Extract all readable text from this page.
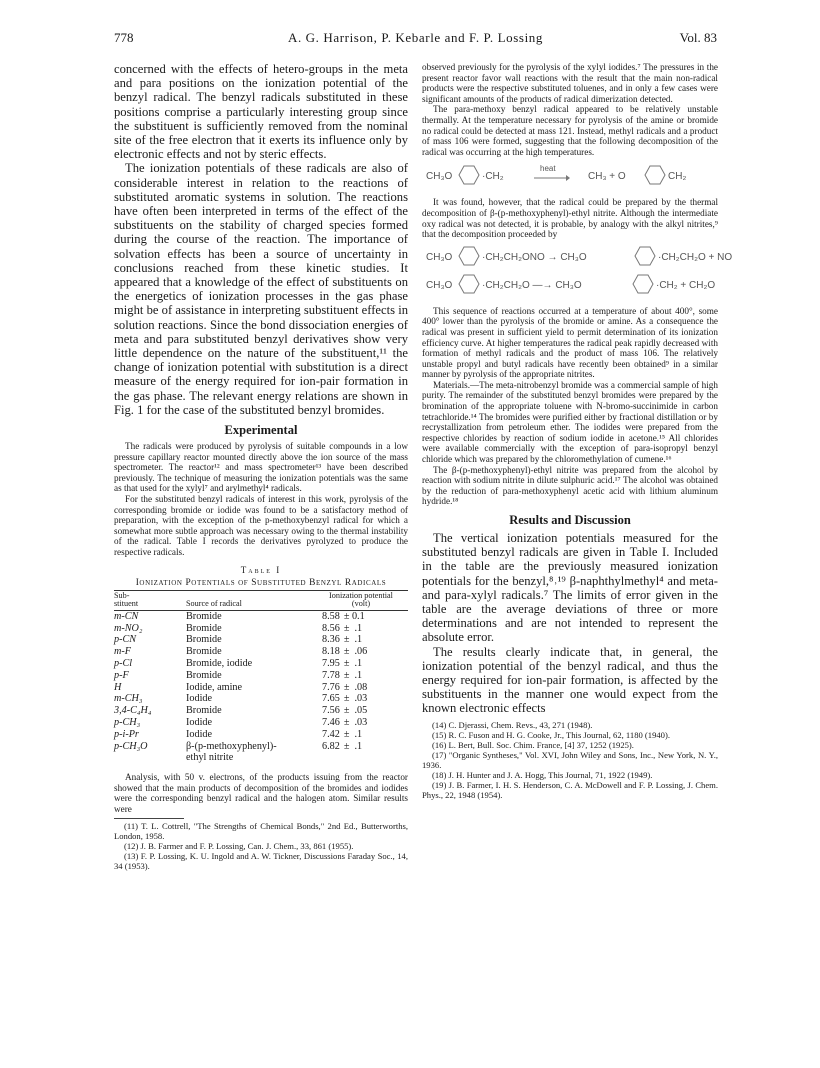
778	A. G. Harrison, P. Kebarle and F. P. Lossing	Vol. 83

concerned with the effects of hetero-groups in the meta and para positions on the ionization potential of the benzyl radical. The benzyl radicals substituted in these positions comprise a particularly interesting group since the substituent is sufficiently removed from the nominal site of the free electron that it exerts its influence only by electronic effects and not by steric effects.

The ionization potentials of these radicals are also of considerable interest in relation to the reactions of substituted aromatic systems in solution. The reactions have often been interpreted in terms of the effect of the substituents on the stability of charged species formed during the course of the reaction. The importance of solvation effects has been a source of uncertainty in conclusions reached from these kinetic studies. It appeared that a knowledge of the effect of substituents on the energetics of ionization processes in the gas phase might be of assistance in interpreting substituent effects in solution reactions. Since the bond dissociation energies of meta and para substituted benzyl derivatives show very little dependence on the nature of the substituent,¹¹ the change of ionization potential with substitution is a direct measure of the energy required for ion-pair formation in the gas phase. The relevant energy relations are shown in Fig. 1 for the case of the substituted benzyl bromides.

Experimental

The radicals were produced by pyrolysis of suitable compounds in a low pressure capillary reactor mounted directly above the ion source of the mass spectrometer. The reactor¹² and mass spectrometer¹³ have been described previously. The technique of measuring the ionization potentials was the same as that used for the xylyl⁷ and arylmethyl⁴ radicals.

For the substituted benzyl radicals of interest in this work, pyrolysis of the corresponding bromide or iodide was found to be a satisfactory method of preparation, with the exception of the p-methoxybenzyl radical for which a somewhat more subtle approach was necessary owing to the thermal instability of the radical. Table I records the derivatives pyrolyzed to produce the respective radicals.

Table I
Ionization Potentials of Substituted Benzyl Radicals
Sub-
stituent	Source of radical	Ionization potential
(volt)
m-CN	Bromide	8.58 ± 0.1
m-NO₂	Bromide	8.56 ±  .1
p-CN	Bromide	8.36 ±  .1
m-F	Bromide	8.18 ±  .06
p-Cl	Bromide, iodide	7.95 ±  .1
p-F	Bromide	7.78 ±  .1
H	Iodide, amine	7.76 ±  .08
m-CH₃	Iodide	7.65 ±  .03
3,4-C₄H₄	Bromide	7.56 ±  .05
p-CH₃	Iodide	7.46 ±  .03
p-i-Pr	Iodide	7.42 ±  .1
p-CH₃O	β-(p-methoxyphenyl)-
ethyl nitrite	6.82 ±  .1

Analysis, with 50 v. electrons, of the products issuing from the reactor showed that the main products of decomposition of the bromides and iodides were the corresponding benzyl radical and the halogen atom. Similar results were

(11) T. L. Cottrell, "The Strengths of Chemical Bonds," 2nd Ed., Butterworths, London, 1958.

(12) J. B. Farmer and F. P. Lossing, Can. J. Chem., 33, 861 (1955).

(13) F. P. Lossing, K. U. Ingold and A. W. Tickner, Discussions Faraday Soc., 14, 34 (1953).

observed previously for the pyrolysis of the xylyl iodides.⁷ The pressures in the present reactor favor wall reactions with the result that the main non-radical products were the respective substituted toluenes, and in only a few cases were significant amounts of the products of radical dimerization detected.

The para-methoxy benzyl radical appeared to be relatively unstable thermally. At the temperature necessary for pyrolysis of the amine or bromide no radical could be detected at mass 121. Instead, methyl radicals and a product of mass 106 were formed, suggesting that the following decomposition of the radical was occurring at the high temperatures.

CH₃O	·CH₂
heat
CH₃ + O	CH₂

It was found, however, that the radical could be prepared by the thermal decomposition of β-(p-methoxyphenyl)-ethyl nitrite. Although the intermediate oxy radical was not detected, it is probable, by analogy with the alkyl nitrites,⁹ that the decomposition proceeded by

CH₃O	·CH₂CH₂ONO → CH₃O	·CH₂CH₂O + NO
CH₃O	·CH₂CH₂O —→ CH₃O	·CH₂ + CH₂O

This sequence of reactions occurred at a temperature of about 400°, some 400° lower than the pyrolysis of the bromide or amine. As a consequence the radical was present in sufficient yield to permit determination of its ionization efficiency curve. At higher temperatures the radical peak rapidly decreased with formation of methyl radicals and the product of mass 106. The relatively unstable propyl and butyl radicals have recently been obtained⁹ in a similar manner by pyrolysis of the appropriate nitrites.

Materials.—The meta-nitrobenzyl bromide was a commercial sample of high purity. The remainder of the substituted benzyl bromides were prepared by the bromination of the appropriate toluene with N-bromo-succinimide in carbon tetrachloride.¹⁴ The bromides were purified either by fractional distillation or by recrystallization from petroleum ether. The iodides were prepared from the respective chlorides by reaction of sodium iodide in acetone.¹⁵ All chlorides were available commercially with the exception of para-isopropyl benzyl chloride which was prepared by the chloromethylation of cumene.¹⁶

The β-(p-methoxyphenyl)-ethyl nitrite was prepared from the alcohol by reaction with sodium nitrite in dilute sulphuric acid.¹⁷ The alcohol was obtained by the reduction of para-methoxyphenyl acetic acid with lithium aluminum hydride.¹⁸

Results and Discussion

The vertical ionization potentials measured for the substituted benzyl radicals are given in Table I. Included in the table are the previously measured ionization potentials for the benzyl,⁸˒¹⁹ β-naphthylmethyl⁴ and meta- and para-xylyl radicals.⁷ The limits of error given in the table are the average deviations of three or more determinations and are not intended to represent the absolute error.

The results clearly indicate that, in general, the ionization potential of the benzyl radical, and thus the energy required for ion-pair formation, is affected by the substituents in the manner one would expect from the known electronic effects

(14) C. Djerassi, Chem. Revs., 43, 271 (1948).

(15) R. C. Fuson and H. G. Cooke, Jr., This Journal, 62, 1180 (1940).

(16) L. Bert, Bull. Soc. Chim. France, [4] 37, 1252 (1925).

(17) "Organic Syntheses," Vol. XVI, John Wiley and Sons, Inc., New York, N. Y., 1936.

(18) J. H. Hunter and J. A. Hogg, This Journal, 71, 1922 (1949).

(19) J. B. Farmer, I. H. S. Henderson, C. A. McDowell and F. P. Lossing, J. Chem. Phys., 22, 1948 (1954).
